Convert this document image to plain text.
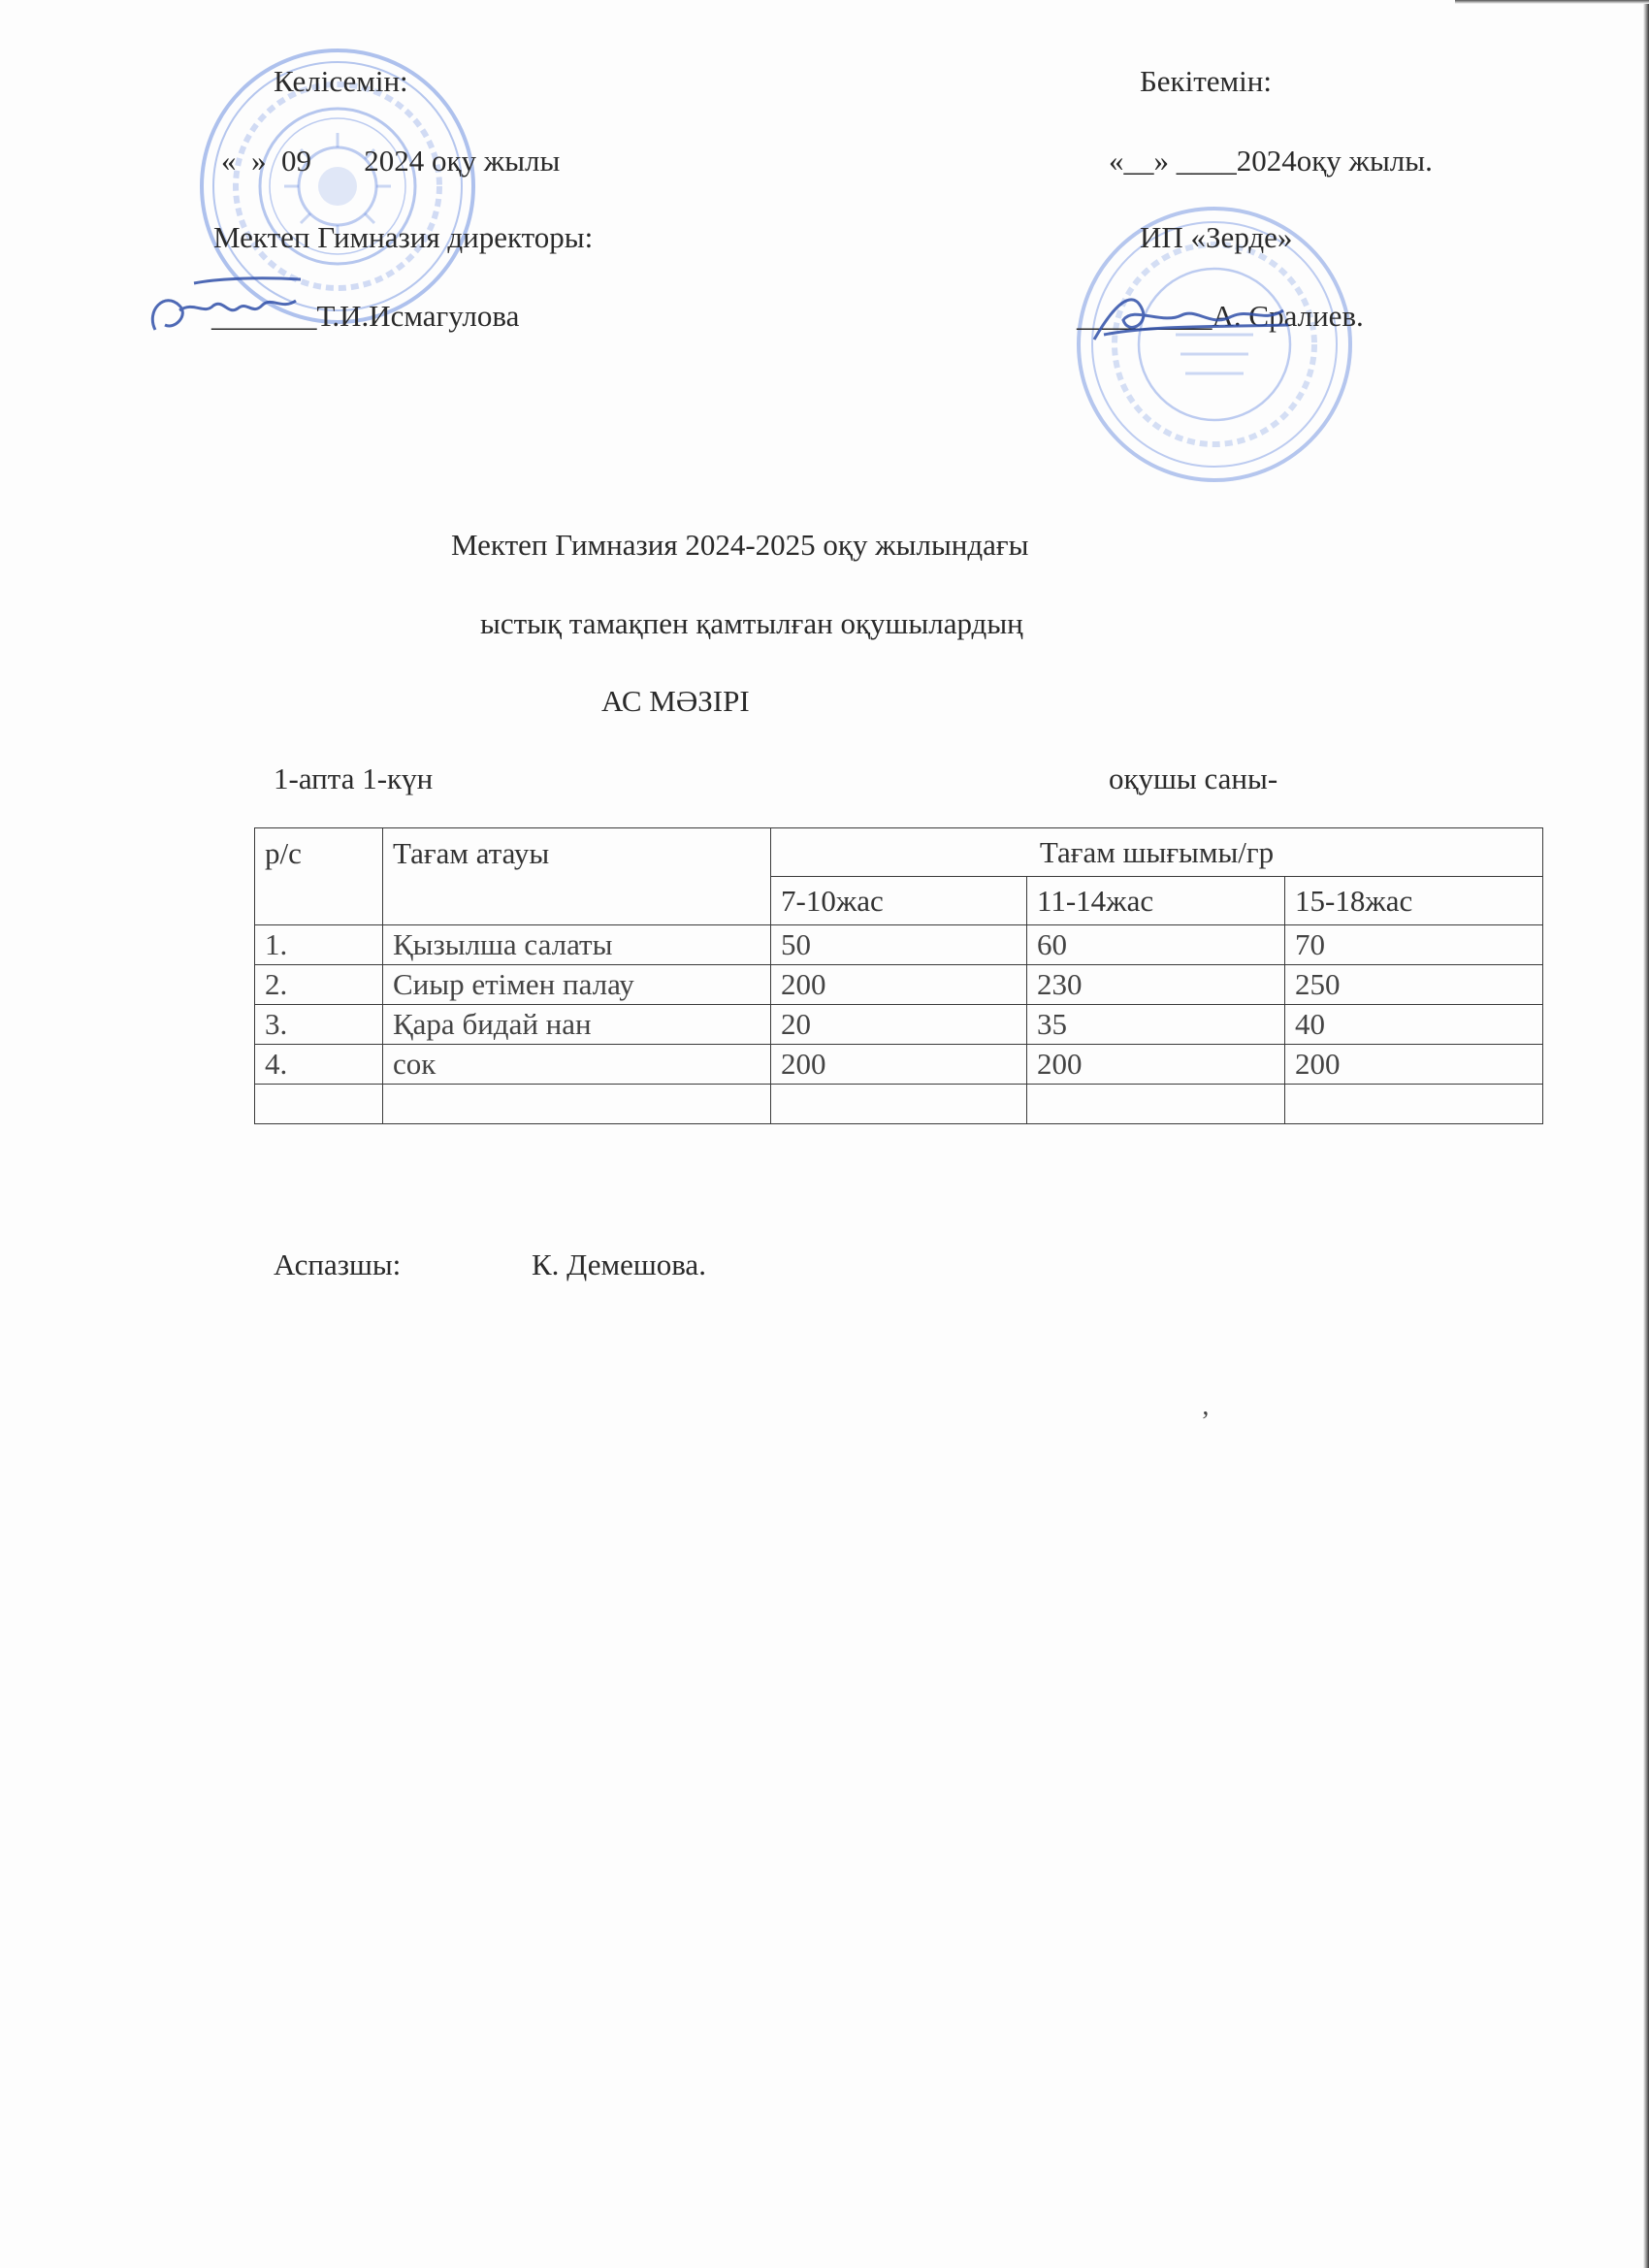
Келісемін:
«  »  09       2024 оқу жылы
Мектеп Гимназия директоры:
_______Т.И.Исмагулова
Бекітемін:
«__» ____2024оқу жылы.
ИП «Зерде»
_________А. Сралиев.
Мектеп Гимназия 2024-2025 оқу жылындағы
ыстық тамақпен қамтылған оқушылардың
АС МӘЗІРІ
1-апта 1-күн	оқушы саны-
р/с	Тағам атауы	Тағам шығымы/гр		
		7-10жас	11-14жас	15-18жас
1.	Қызылша салаты	50	60	70
2.	Сиыр етімен палау	200	230	250
3.	Қара бидай нан	20	35	40
4.	сок	200	200	200

Аспазшы:	К. Демешова.
ʼ
